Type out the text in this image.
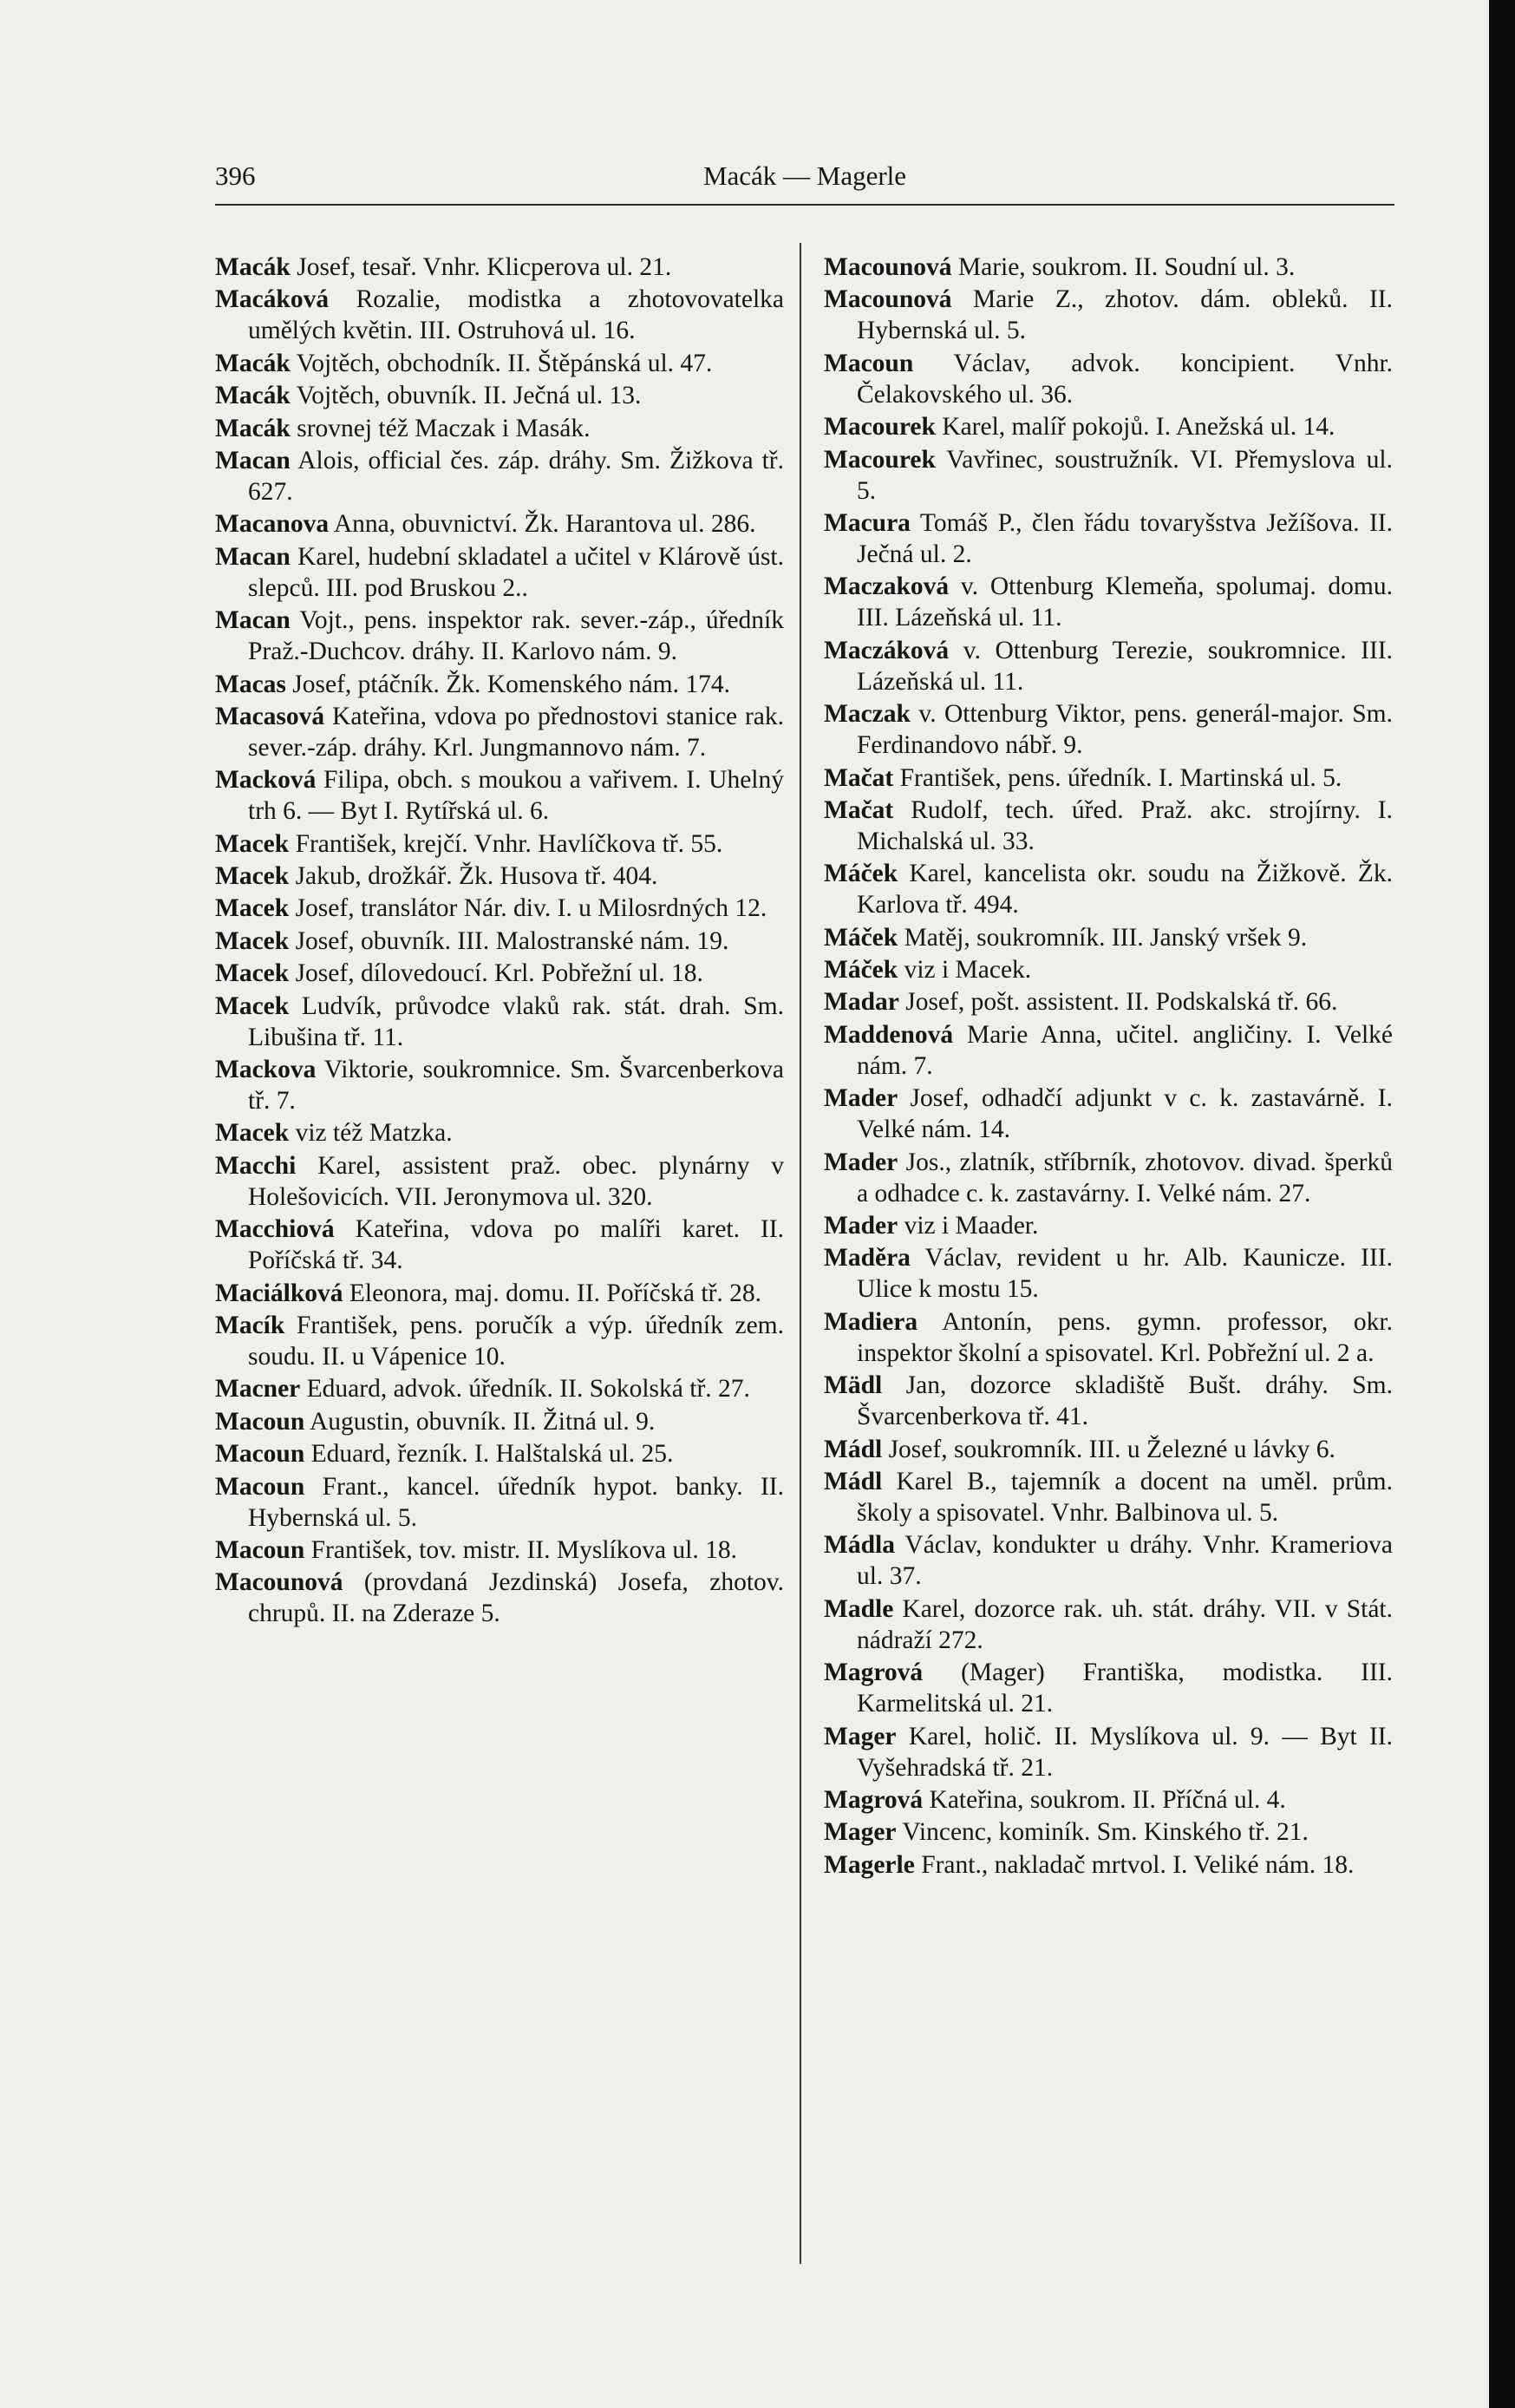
396	Macák — Magerle

Macák Josef, tesař. Vnhr. Klicperova ul. 21.

Macáková Rozalie, modistka a zhotovovatelka umělých květin. III. Ostruhová ul. 16.

Macák Vojtěch, obchodník. II. Štěpánská ul. 47.

Macák Vojtěch, obuvník. II. Ječná ul. 13.

Macák srovnej též Maczak i Masák.

Macan Alois, official čes. záp. dráhy. Sm. Žižkova tř. 627.

Macanova Anna, obuvnictví. Žk. Harantova ul. 286.

Macan Karel, hudební skladatel a učitel v Klárově úst. slepců. III. pod Bruskou 2..

Macan Vojt., pens. inspektor rak. sever.-záp., úředník Praž.-Duchcov. dráhy. II. Karlovo nám. 9.

Macas Josef, ptáčník. Žk. Komenského nám. 174.

Macasová Kateřina, vdova po přednostovi stanice rak. sever.-záp. dráhy. Krl. Jungmannovo nám. 7.

Macková Filipa, obch. s moukou a vařivem. I. Uhelný trh 6. — Byt I. Rytířská ul. 6.

Macek František, krejčí. Vnhr. Havlíčkova tř. 55.

Macek Jakub, drožkář. Žk. Husova tř. 404.

Macek Josef, translátor Nár. div. I. u Milosrdných 12.

Macek Josef, obuvník. III. Malostranské nám. 19.

Macek Josef, dílovedoucí. Krl. Pobřežní ul. 18.

Macek Ludvík, průvodce vlaků rak. stát. drah. Sm. Libušina tř. 11.

Mackova Viktorie, soukromnice. Sm. Švarcenberkova tř. 7.

Macek viz též Matzka.

Macchi Karel, assistent praž. obec. plynárny v Holešovicích. VII. Jeronymova ul. 320.

Macchiová Kateřina, vdova po malíři karet. II. Poříčská tř. 34.

Maciálková Eleonora, maj. domu. II. Poříčská tř. 28.

Macík František, pens. poručík a výp. úředník zem. soudu. II. u Vápenice 10.

Macner Eduard, advok. úředník. II. Sokolská tř. 27.

Macoun Augustin, obuvník. II. Žitná ul. 9.

Macoun Eduard, řezník. I. Halštalská ul. 25.

Macoun Frant., kancel. úředník hypot. banky. II. Hybernská ul. 5.

Macoun František, tov. mistr. II. Myslíkova ul. 18.

Macounová (provdaná Jezdinská) Josefa, zhotov. chrupů. II. na Zderaze 5.

Macounová Marie, soukrom. II. Soudní ul. 3.

Macounová Marie Z., zhotov. dám. obleků. II. Hybernská ul. 5.

Macoun Václav, advok. koncipient. Vnhr. Čelakovského ul. 36.

Macourek Karel, malíř pokojů. I. Anežská ul. 14.

Macourek Vavřinec, soustružník. VI. Přemyslova ul. 5.

Macura Tomáš P., člen řádu tovaryšstva Ježíšova. II. Ječná ul. 2.

Maczaková v. Ottenburg Klemeňa, spolumaj. domu. III. Lázeňská ul. 11.

Maczáková v. Ottenburg Terezie, soukromnice. III. Lázeňská ul. 11.

Maczak v. Ottenburg Viktor, pens. generál-major. Sm. Ferdinandovo nábř. 9.

Mačat František, pens. úředník. I. Martinská ul. 5.

Mačat Rudolf, tech. úřed. Praž. akc. strojírny. I. Michalská ul. 33.

Máček Karel, kancelista okr. soudu na Žižkově. Žk. Karlova tř. 494.

Máček Matěj, soukromník. III. Janský vršek 9.

Máček viz i Macek.

Madar Josef, pošt. assistent. II. Podskalská tř. 66.

Maddenová Marie Anna, učitel. angličiny. I. Velké nám. 7.

Mader Josef, odhadčí adjunkt v c. k. zastavárně. I. Velké nám. 14.

Mader Jos., zlatník, stříbrník, zhotovov. divad. šperků a odhadce c. k. zastavárny. I. Velké nám. 27.

Mader viz i Maader.

Maděra Václav, revident u hr. Alb. Kaunicze. III. Ulice k mostu 15.

Madiera Antonín, pens. gymn. professor, okr. inspektor školní a spisovatel. Krl. Pobřežní ul. 2 a.

Mädl Jan, dozorce skladiště Bušt. dráhy. Sm. Švarcenberkova tř. 41.

Mádl Josef, soukromník. III. u Železné u lávky 6.

Mádl Karel B., tajemník a docent na uměl. prům. školy a spisovatel. Vnhr. Balbinova ul. 5.

Mádla Václav, kondukter u dráhy. Vnhr. Krameriova ul. 37.

Madle Karel, dozorce rak. uh. stát. dráhy. VII. v Stát. nádraží 272.

Magrová (Mager) Františka, modistka. III. Karmelitská ul. 21.

Mager Karel, holič. II. Myslíkova ul. 9. — Byt II. Vyšehradská tř. 21.

Magrová Kateřina, soukrom. II. Příčná ul. 4.

Mager Vincenc, kominík. Sm. Kinského tř. 21.

Magerle Frant., nakladač mrtvol. I. Veliké nám. 18.
